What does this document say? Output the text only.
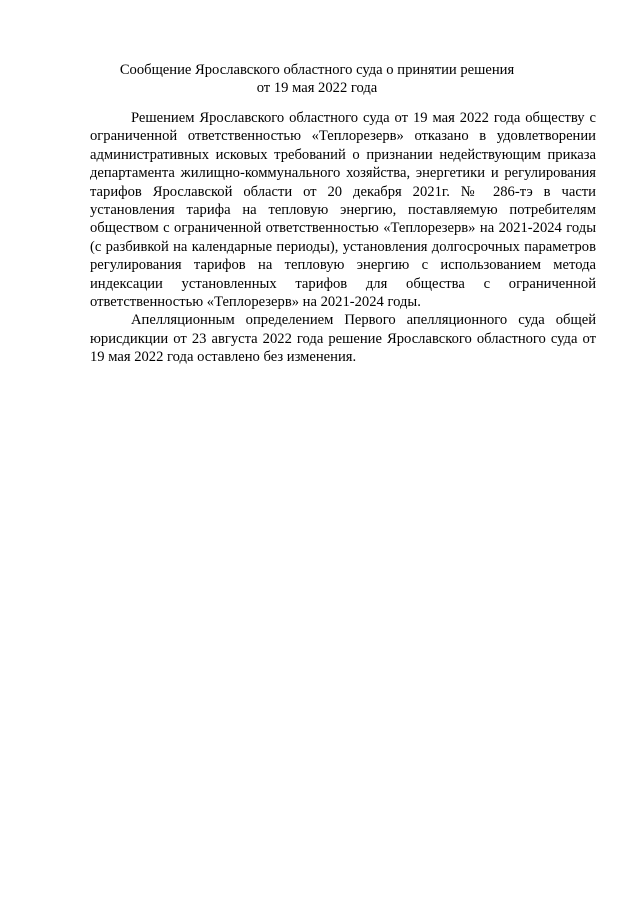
Сообщение Ярославского областного суда о принятии решения
от 19 мая 2022 года

Решением Ярославского областного суда от 19 мая 2022 года обществу с ограниченной ответственностью «Теплорезерв» отказано в удовлетворении административных исковых требований о признании недействующим приказа департамента жилищно-коммунального хозяйства, энергетики и регулирования тарифов Ярославской области от 20 декабря 2021г. № 286-тэ в части установления тарифа на тепловую энергию, поставляемую потребителям обществом с ограниченной ответственностью «Теплорезерв» на 2021-2024 годы (с разбивкой на календарные периоды), установления долгосрочных параметров регулирования тарифов на тепловую энергию с использованием метода индексации установленных тарифов для общества с ограниченной ответственностью «Теплорезерв» на 2021-2024 годы.

Апелляционным определением Первого апелляционного суда общей юрисдикции от 23 августа 2022 года решение Ярославского областного суда от 19 мая 2022 года оставлено без изменения.
